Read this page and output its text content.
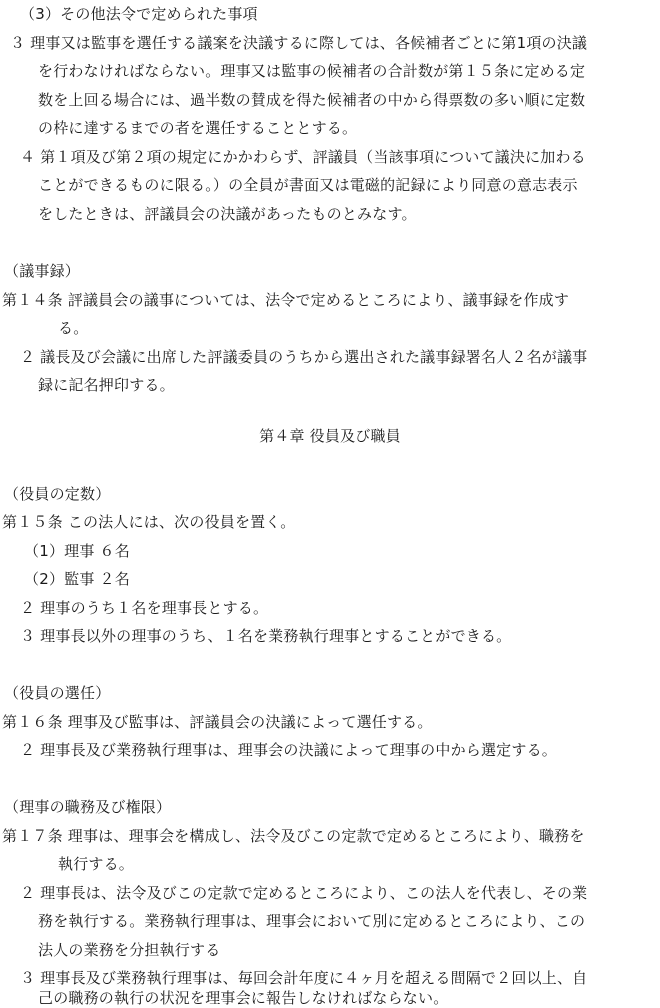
（3）その他法令で定められた事項
３ 理事又は監事を選任する議案を決議するに際しては、各候補者ごとに第1項の決議
を行わなければならない。理事又は監事の候補者の合計数が第１５条に定める定
数を上回る場合には、過半数の賛成を得た候補者の中から得票数の多い順に定数
の枠に達するまでの者を選任することとする。
４ 第１項及び第２項の規定にかかわらず、評議員（当該事項について議決に加わる
ことができるものに限る。）の全員が書面又は電磁的記録により同意の意志表示
をしたときは、評議員会の決議があったものとみなす。
（議事録）
第１４条 評議員会の議事については、法令で定めるところにより、議事録を作成す
る。
２ 議長及び会議に出席した評議委員のうちから選出された議事録署名人２名が議事
録に記名押印する。
第４章 役員及び職員
（役員の定数）
第１５条 この法人には、次の役員を置く。
（1）理事 ６名
（2）監事 ２名
２ 理事のうち１名を理事長とする。
３ 理事長以外の理事のうち、１名を業務執行理事とすることができる。
（役員の選任）
第１６条 理事及び監事は、評議員会の決議によって選任する。
２ 理事長及び業務執行理事は、理事会の決議によって理事の中から選定する。
（理事の職務及び権限）
第１７条 理事は、理事会を構成し、法令及びこの定款で定めるところにより、職務を
執行する。
２ 理事長は、法令及びこの定款で定めるところにより、この法人を代表し、その業
務を執行する。業務執行理事は、理事会において別に定めるところにより、この
法人の業務を分担執行する
３ 理事長及び業務執行理事は、毎回会計年度に４ヶ月を超える間隔で２回以上、自
己の職務の執行の状況を理事会に報告しなければならない。
